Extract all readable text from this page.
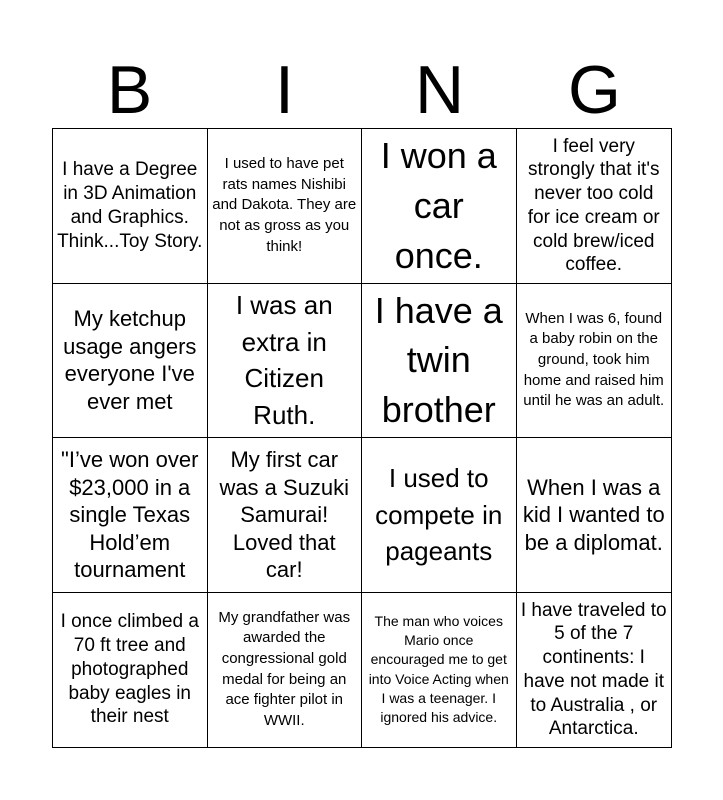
B	I	N	G
I have a Degree in 3D Animation and Graphics. Think...Toy Story.
I used to have pet rats names Nishibi and Dakota. They are not as gross as you think!
I won a car once.
I feel very strongly that it's never too cold for ice cream or cold brew/iced coffee.
My ketchup usage angers everyone I've ever met
I was an extra in Citizen Ruth.
I have a twin brother
When I was 6, found a baby robin on the ground, took him home and raised him until he was an adult.
"I’ve won over $23,000 in a single Texas Hold’em tournament
My first car was a Suzuki Samurai! Loved that car!
I used to compete in pageants
When I was a kid I wanted to be a diplomat.
I once climbed a 70 ft tree and photographed baby eagles in their nest
My grandfather was awarded the congressional gold medal for being an ace fighter pilot in WWII.
The man who voices Mario once encouraged me to get into Voice Acting when I was a teenager. I ignored his advice.
I have traveled to 5 of the 7 continents: I have not made it to Australia , or Antarctica.
